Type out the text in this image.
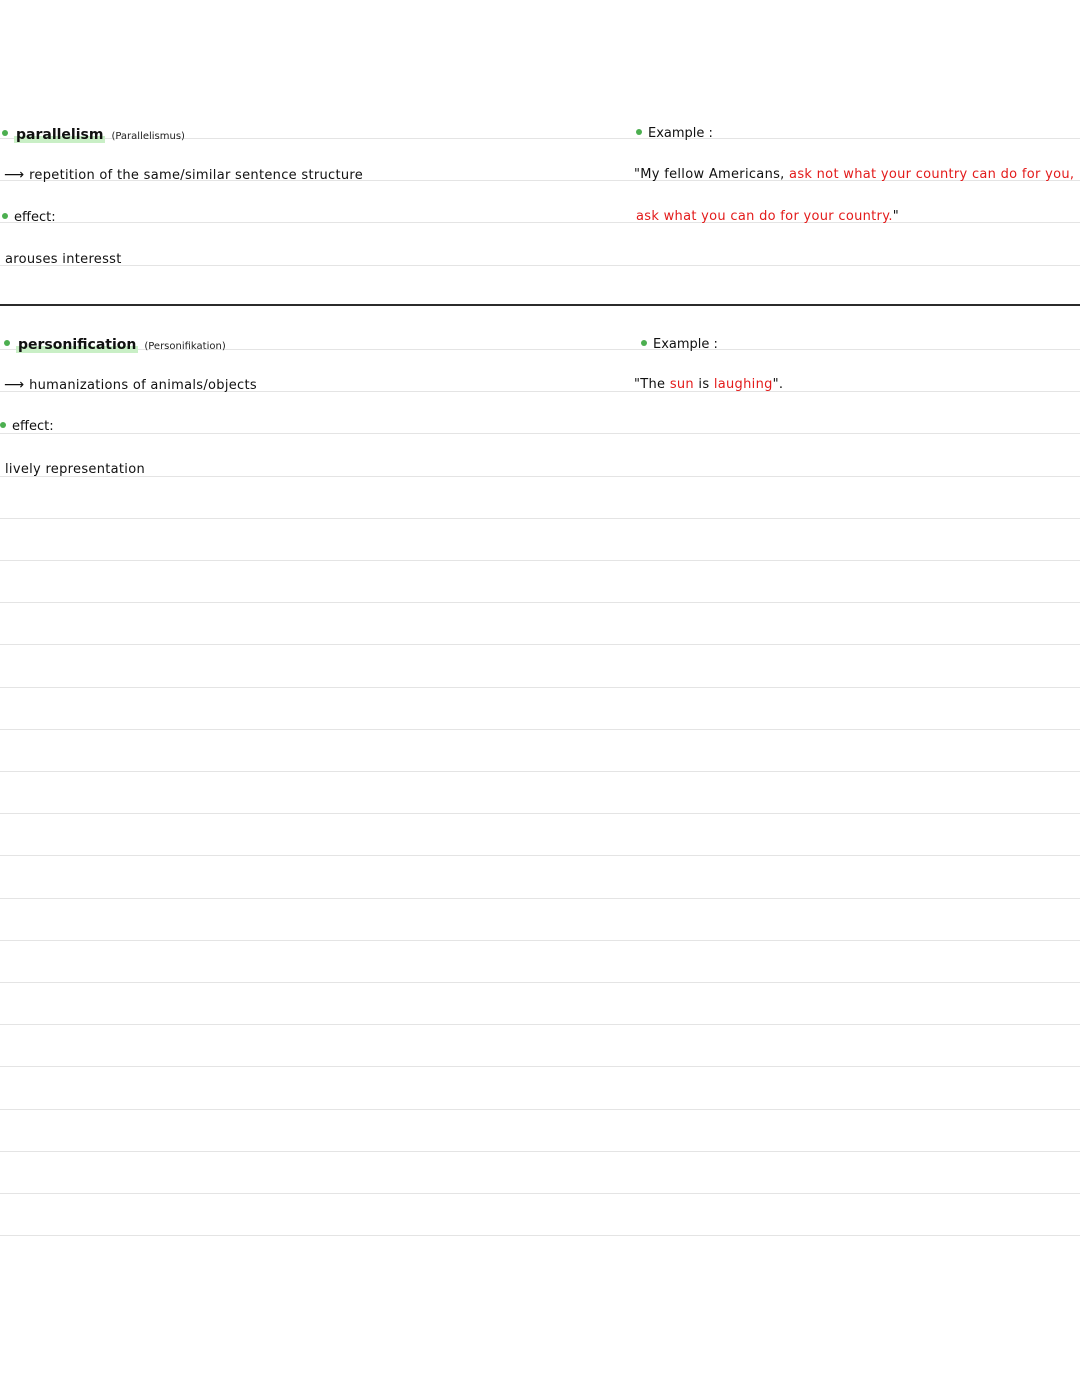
parallelism (Parallelismus)
⟶ repetition of the same/similar sentence structure
effect:
arouses interesst
Example :
"My fellow Americans, ask not what your country can do for you,
ask what you can do for your country."
personification (Personifikation)
⟶ humanizations of animals/objects
effect:
lively representation
Example :
"The sun is laughing".
